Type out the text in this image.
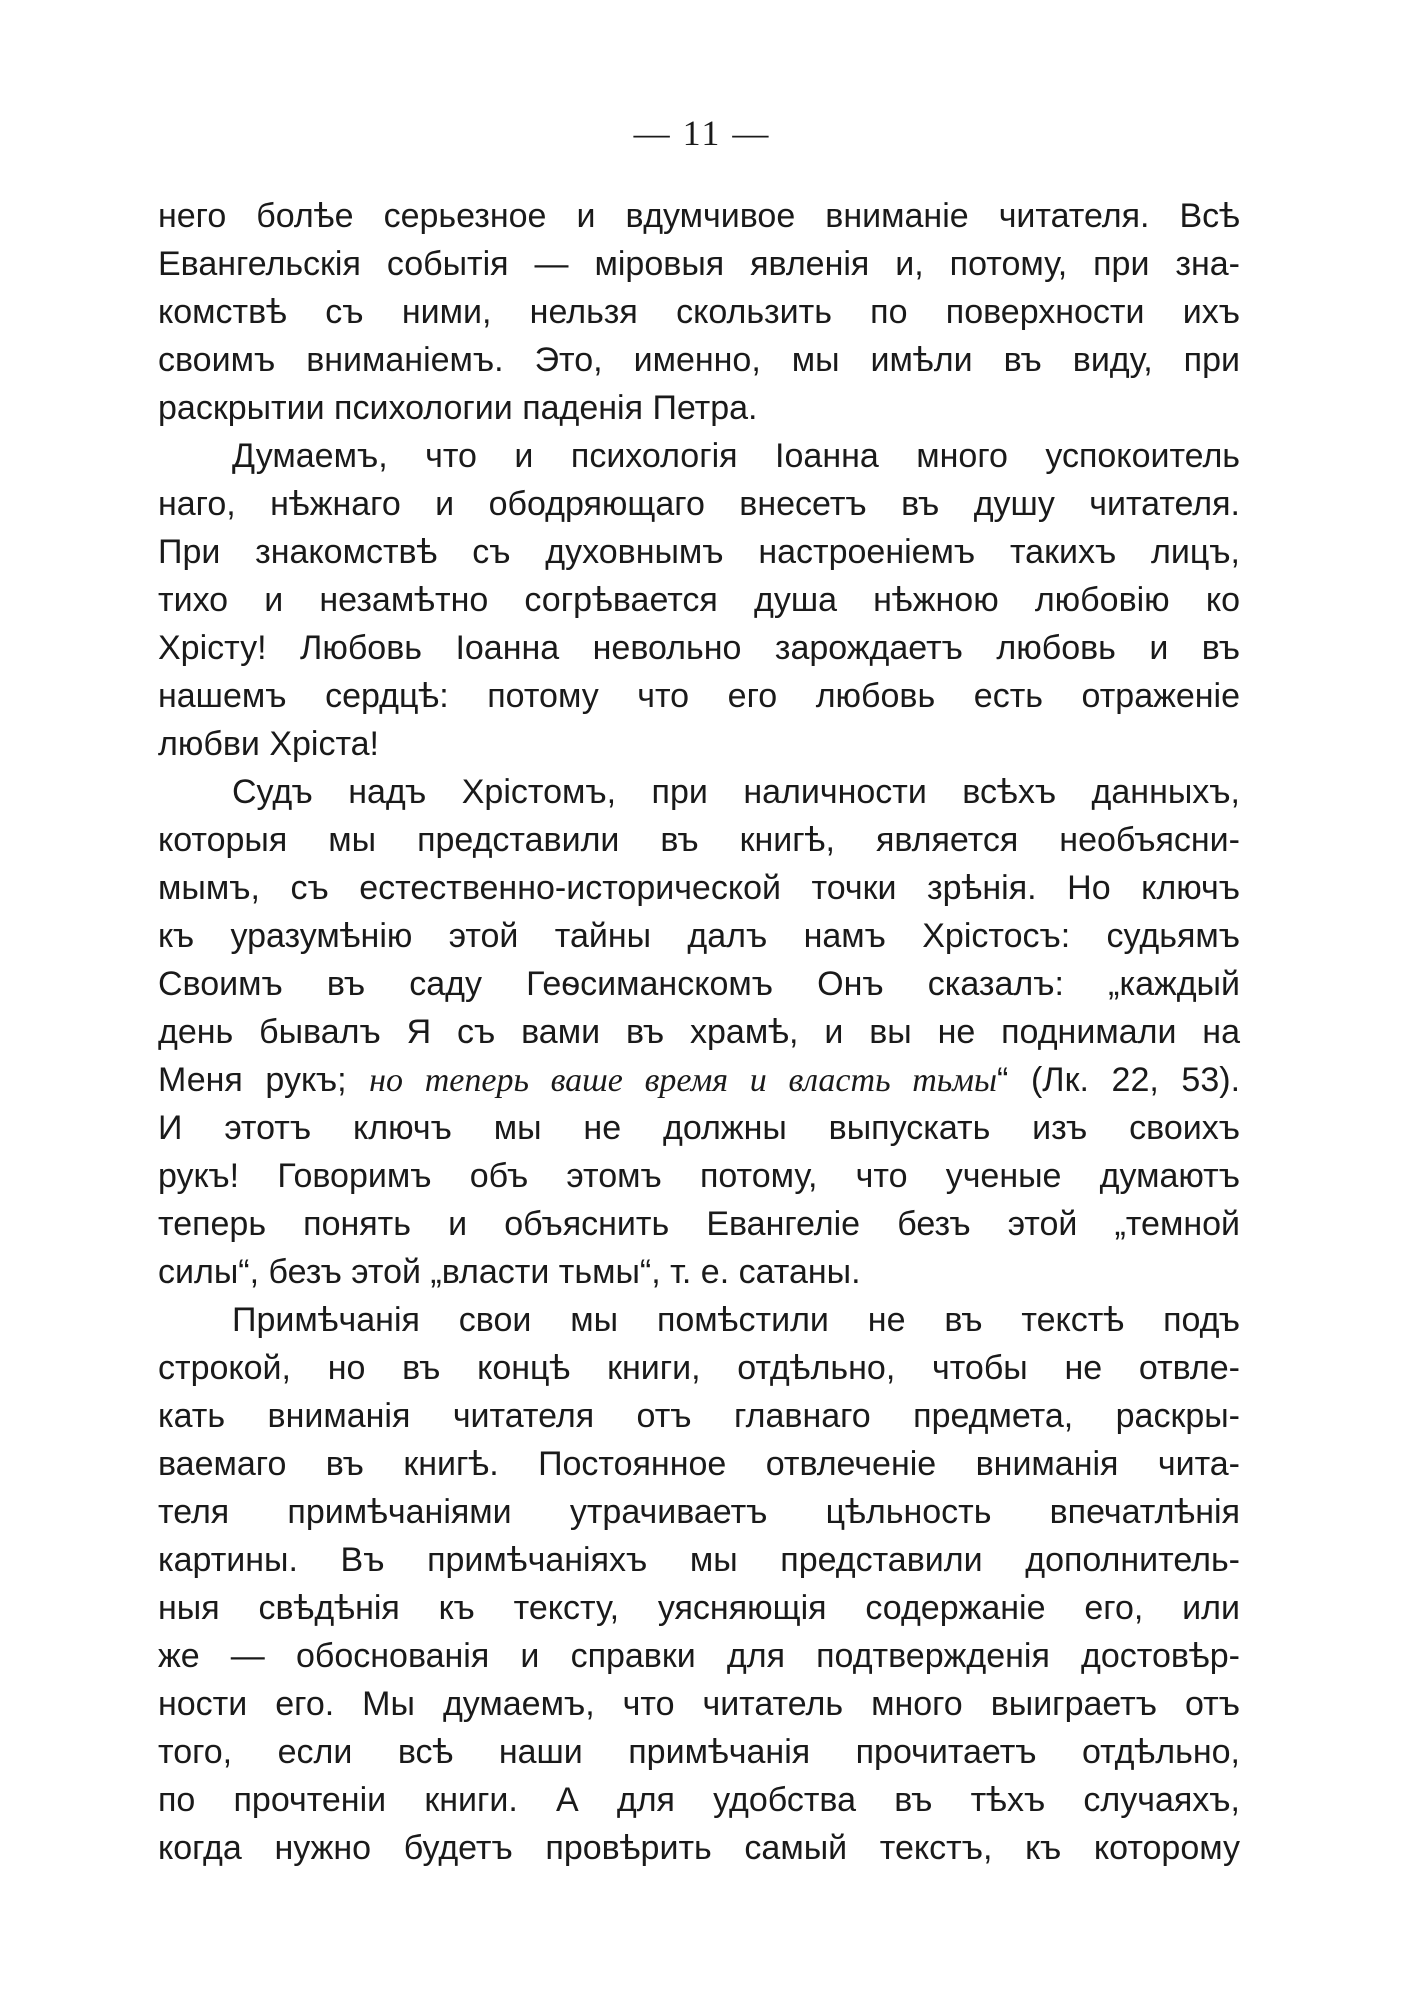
— 11 —
него болѣе серьезное и вдумчивое вниманіе читателя. Всѣ
Евангельскія событія — міровыя явленія и, потому, при зна-
комствѣ съ ними, нельзя скользить по поверхности ихъ
своимъ вниманіемъ. Это, именно, мы имѣли въ виду, при
раскрытии психологии паденія Петра.
Думаемъ, что и психологія Іоанна много успокоитель
наго, нѣжнаго и ободряющаго внесетъ въ душу читателя.
При знакомствѣ съ духовнымъ настроеніемъ такихъ лицъ,
тихо и незамѣтно согрѣвается душа нѣжною любовію ко
Хрісту! Любовь Іоанна невольно зарождаетъ любовь и въ
нашемъ сердцѣ: потому что его любовь есть отраженіе
любви Хріста!
Судъ надъ Хрістомъ, при наличности всѣхъ данныхъ,
которыя мы представили въ книгѣ, является необъясни-
мымъ, съ естественно-исторической точки зрѣнія. Но ключъ
къ уразумѣнію этой тайны далъ намъ Хрістосъ: судьямъ
Своимъ въ саду Геѳсиманскомъ Онъ сказалъ: „каждый
день бывалъ Я съ вами въ храмѣ, и вы не поднимали на
Меня рукъ; но теперь ваше время и власть тьмы“ (Лк. 22, 53).
И этотъ ключъ мы не должны выпускать изъ своихъ
рукъ! Говоримъ объ этомъ потому, что ученые думаютъ
теперь понять и объяснить Евангеліе безъ этой „темной
силы“, безъ этой „власти тьмы“, т. е. сатаны.
Примѣчанія свои мы помѣстили не въ текстѣ подъ
строкой, но въ концѣ книги, отдѣльно, чтобы не отвле-
кать вниманія читателя отъ главнаго предмета, раскры-
ваемаго въ книгѣ. Постоянное отвлеченіе вниманія чита-
теля примѣчаніями утрачиваетъ цѣльность впечатлѣнія
картины. Въ примѣчаніяхъ мы представили дополнитель-
ныя свѣдѣнія къ тексту, уясняющія содержаніе его, или
же — обоснованія и справки для подтвержденія достовѣр-
ности его. Мы думаемъ, что читатель много выиграетъ отъ
того, если всѣ наши примѣчанія прочитаетъ отдѣльно,
по прочтеніи книги. А для удобства въ тѣхъ случаяхъ,
когда нужно будетъ провѣрить самый текстъ, къ которому
